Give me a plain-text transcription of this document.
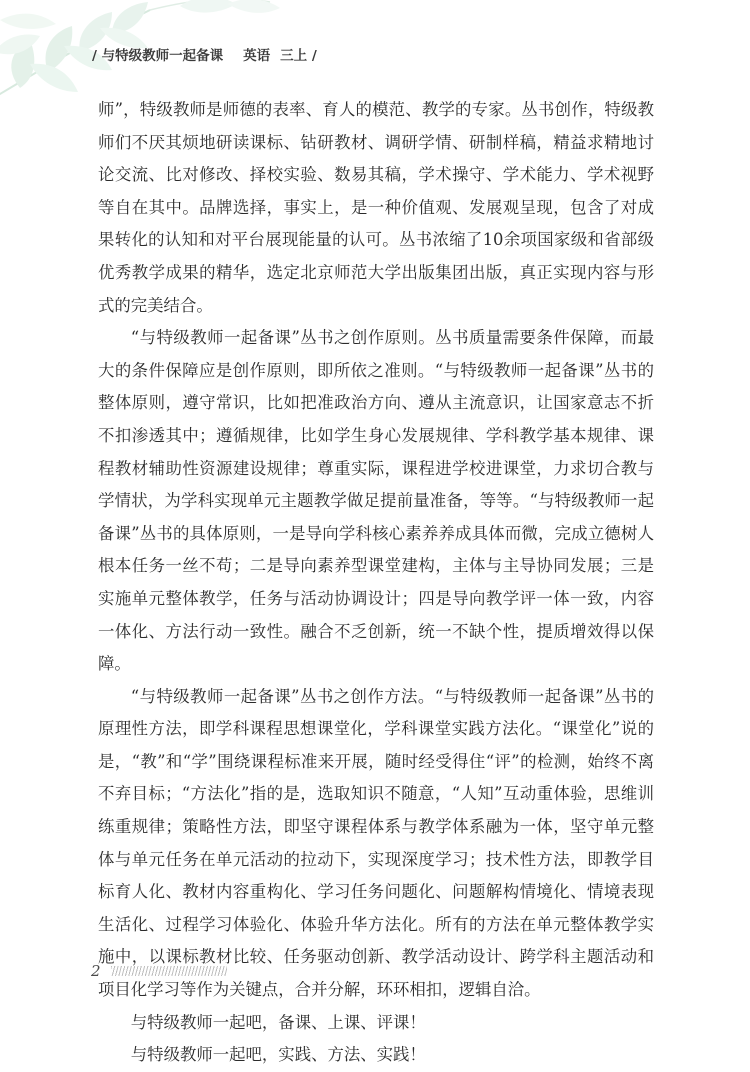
/ 与特级教师一起备课 英语 三上 /

师”，特级教师是师德的表率、育人的模范、教学的专家。丛书创作，特级教师们不厌其烦地研读课标、钻研教材、调研学情、研制样稿，精益求精地讨论交流、比对修改、择校实验、数易其稿，学术操守、学术能力、学术视野等自在其中。品牌选择，事实上，是一种价值观、发展观呈现，包含了对成果转化的认知和对平台展现能量的认可。丛书浓缩了10余项国家级和省部级优秀教学成果的精华，选定北京师范大学出版集团出版，真正实现内容与形式的完美结合。

“与特级教师一起备课”丛书之创作原则。丛书质量需要条件保障，而最大的条件保障应是创作原则，即所依之准则。“与特级教师一起备课”丛书的整体原则，遵守常识，比如把准政治方向、遵从主流意识，让国家意志不折不扣渗透其中；遵循规律，比如学生身心发展规律、学科教学基本规律、课程教材辅助性资源建设规律；尊重实际，课程进学校进课堂，力求切合教与学情状，为学科实现单元主题教学做足提前量准备，等等。“与特级教师一起备课”丛书的具体原则，一是导向学科核心素养养成具体而微，完成立德树人根本任务一丝不苟；二是导向素养型课堂建构，主体与主导协同发展；三是实施单元整体教学，任务与活动协调设计；四是导向教学评一体一致，内容一体化、方法行动一致性。融合不乏创新，统一不缺个性，提质增效得以保障。

“与特级教师一起备课”丛书之创作方法。“与特级教师一起备课”丛书的原理性方法，即学科课程思想课堂化，学科课堂实践方法化。“课堂化”说的是，“教”和“学”围绕课程标准来开展，随时经受得住“评”的检测，始终不离不弃目标；“方法化”指的是，选取知识不随意，“人知”互动重体验，思维训练重规律；策略性方法，即坚守课程体系与教学体系融为一体，坚守单元整体与单元任务在单元活动的拉动下，实现深度学习；技术性方法，即教学目标育人化、教材内容重构化、学习任务问题化、问题解构情境化、情境表现生活化、过程学习体验化、体验升华方法化。所有的方法在单元整体教学实施中，以课标教材比较、任务驱动创新、教学活动设计、跨学科主题活动和项目化学习等作为关键点，合并分解，环环相扣，逻辑自洽。

与特级教师一起吧，备课、上课、评课！

与特级教师一起吧，实践、方法、实践！

2
